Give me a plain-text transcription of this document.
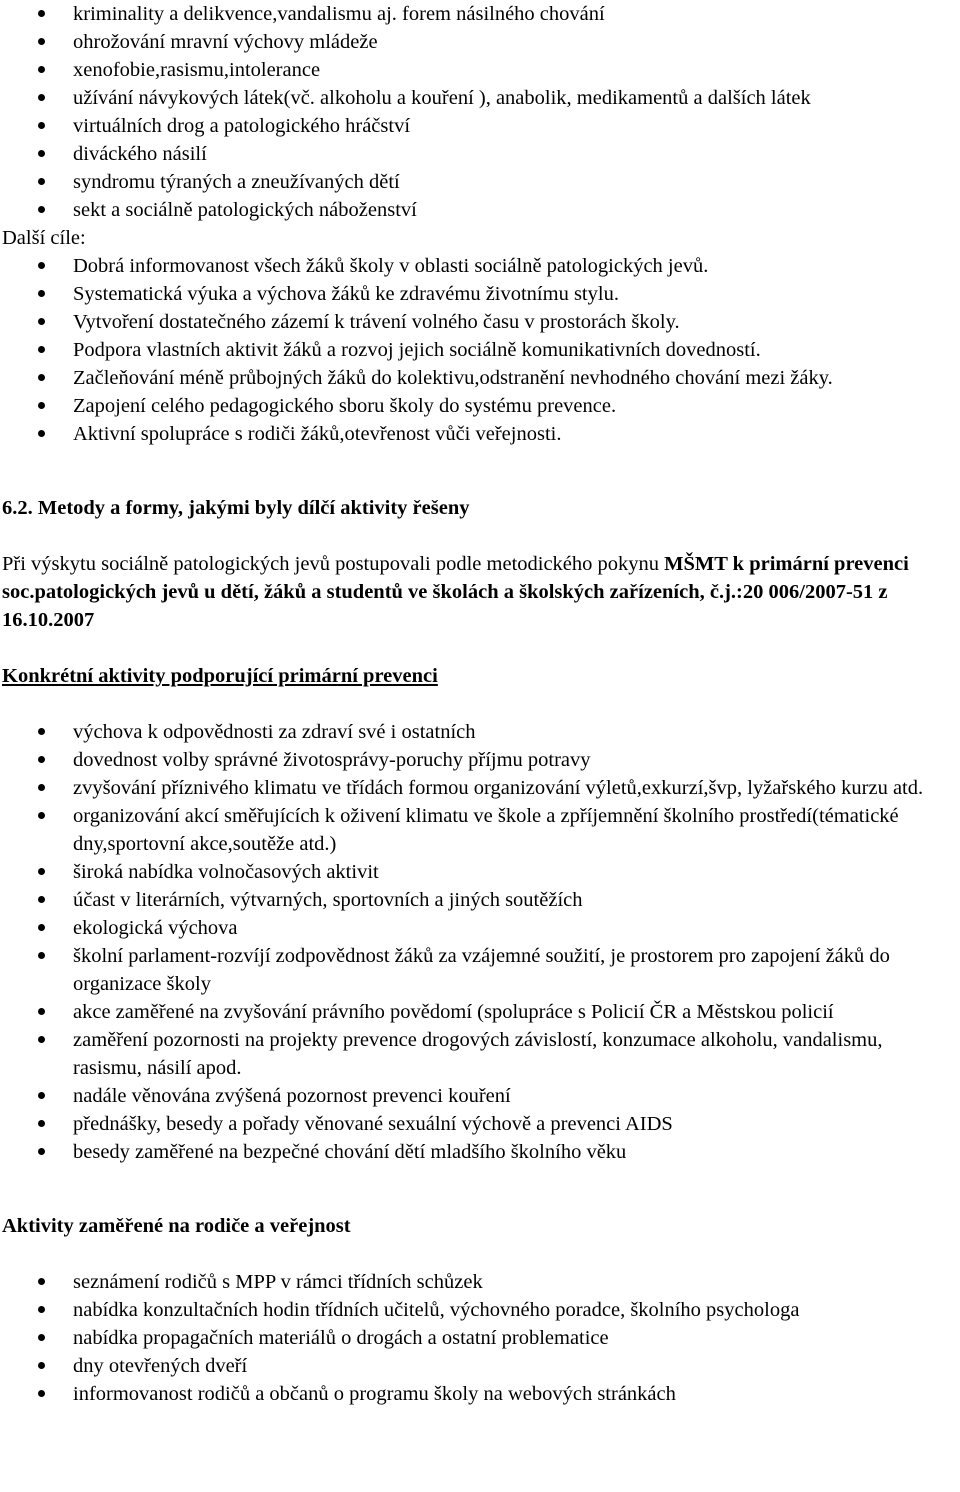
kriminality a delikvence,vandalismu aj. forem násilného chování
ohrožování mravní výchovy mládeže
xenofobie,rasismu,intolerance
užívání návykových látek(vč. alkoholu a kouření ), anabolik, medikamentů a dalších látek
virtuálních drog a patologického hráčství
diváckého násilí
syndromu týraných a zneužívaných dětí
sekt a sociálně patologických náboženství
Další cíle:
Dobrá informovanost všech žáků školy v oblasti sociálně patologických jevů.
Systematická výuka a výchova žáků ke zdravému životnímu stylu.
Vytvoření dostatečného zázemí k trávení volného času v prostorách školy.
Podpora vlastních aktivit žáků a rozvoj jejich sociálně komunikativních dovedností.
Začleňování méně průbojných žáků do kolektivu,odstranění nevhodného chování mezi žáky.
Zapojení celého pedagogického sboru školy do systému prevence.
Aktivní spolupráce s rodiči žáků,otevřenost vůči veřejnosti.
6.2. Metody a formy, jakými byly dílčí aktivity řešeny
Při výskytu sociálně patologických jevů postupovali podle metodického pokynu MŠMT k primární prevenci soc.patologických jevů u dětí, žáků a studentů ve školách a školských zařízeních, č.j.:20 006/2007-51 z 16.10.2007
Konkrétní aktivity podporující primární prevenci
výchova k odpovědnosti za zdraví své i ostatních
dovednost volby správné životosprávy-poruchy příjmu potravy
zvyšování příznivého klimatu ve třídách formou organizování výletů,exkurzí,švp, lyžařského kurzu atd.
organizování akcí směřujících k oživení klimatu ve škole a zpříjemnění školního prostředí(tématické dny,sportovní akce,soutěže atd.)
široká nabídka volnočasových aktivit
účast v literárních, výtvarných, sportovních a jiných soutěžích
ekologická výchova
školní parlament-rozvíjí zodpovědnost žáků za vzájemné soužití, je prostorem pro zapojení žáků do organizace školy
akce zaměřené na zvyšování právního povědomí (spolupráce s Policií ČR a Městskou policií
zaměření pozornosti na projekty prevence drogových závislostí, konzumace alkoholu, vandalismu, rasismu, násilí apod.
nadále věnována zvýšená pozornost prevenci kouření
přednášky, besedy a pořady věnované sexuální výchově a prevenci AIDS
besedy zaměřené na bezpečné chování dětí mladšího školního věku
Aktivity zaměřené na rodiče a veřejnost
seznámení rodičů s MPP v rámci třídních schůzek
nabídka konzultačních hodin třídních učitelů, výchovného poradce, školního psychologa
nabídka propagačních materiálů o drogách a ostatní problematice
dny otevřených dveří
informovanost rodičů a občanů o programu školy na webových stránkách
